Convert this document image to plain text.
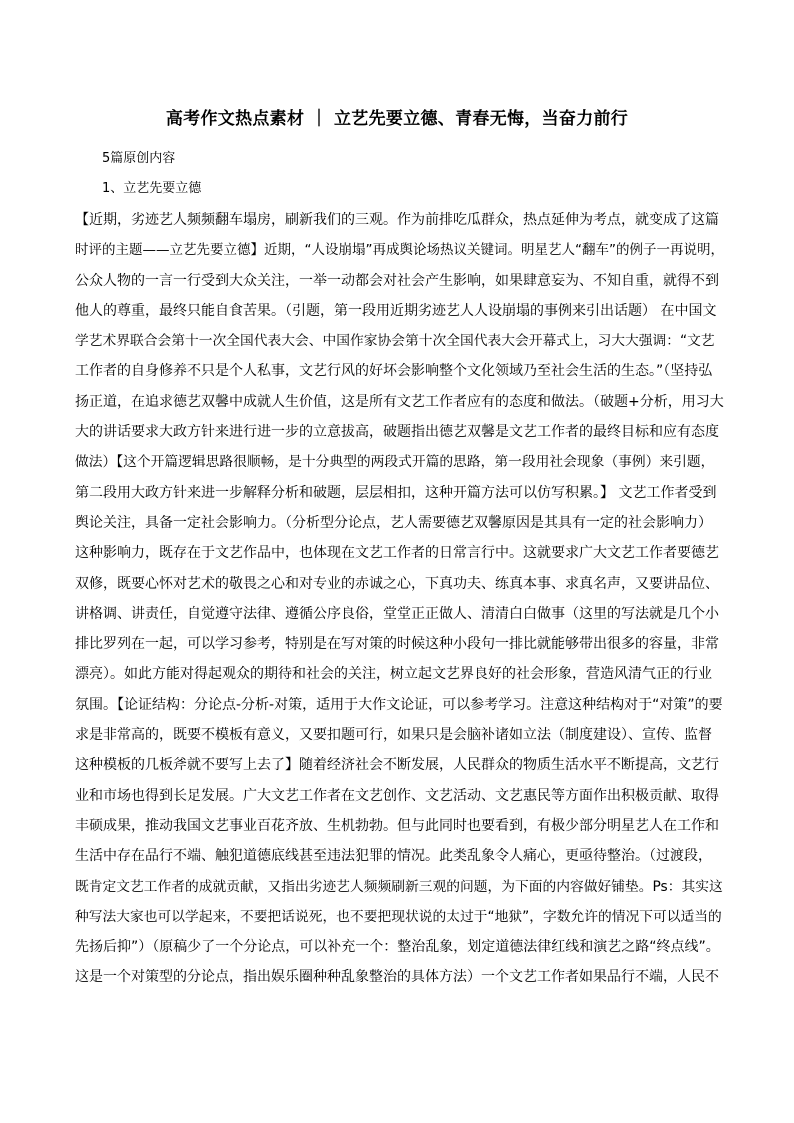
高考作文热点素材 ｜ 立艺先要立德、青春无悔，当奋力前行
5篇原创内容
1、立艺先要立德
【近期，劣迹艺人频频翻车塌房，刷新我们的三观。作为前排吃瓜群众，热点延伸为考点，就变成了这篇
时评的主题——立艺先要立德】近期，“人设崩塌”再成舆论场热议关键词。明星艺人“翻车”的例子一再说明，
公众人物的一言一行受到大众关注，一举一动都会对社会产生影响，如果肆意妄为、不知自重，就得不到
他人的尊重，最终只能自食苦果。（引题，第一段用近期劣迹艺人人设崩塌的事例来引出话题） 在中国文
学艺术界联合会第十一次全国代表大会、中国作家协会第十次全国代表大会开幕式上，习大大强调：“文艺
工作者的自身修养不只是个人私事，文艺行风的好坏会影响整个文化领域乃至社会生活的生态。”（坚持弘
扬正道，在追求德艺双馨中成就人生价值，这是所有文艺工作者应有的态度和做法。（破题+分析，用习大
大的讲话要求大政方针来进行进一步的立意拔高，破题指出德艺双馨是文艺工作者的最终目标和应有态度
做法）【这个开篇逻辑思路很顺畅，是十分典型的两段式开篇的思路，第一段用社会现象（事例）来引题，
第二段用大政方针来进一步解释分析和破题，层层相扣，这种开篇方法可以仿写积累。】 文艺工作者受到
舆论关注，具备一定社会影响力。（分析型分论点，艺人需要德艺双馨原因是其具有一定的社会影响力）
这种影响力，既存在于文艺作品中，也体现在文艺工作者的日常言行中。这就要求广大文艺工作者要德艺
双修，既要心怀对艺术的敬畏之心和对专业的赤诚之心，下真功夫、练真本事、求真名声，又要讲品位、
讲格调、讲责任，自觉遵守法律、遵循公序良俗，堂堂正正做人、清清白白做事（这里的写法就是几个小
排比罗列在一起，可以学习参考，特别是在写对策的时候这种小段句一排比就能够带出很多的容量，非常
漂亮）。如此方能对得起观众的期待和社会的关注，树立起文艺界良好的社会形象，营造风清气正的行业
氛围。【论证结构：分论点-分析-对策，适用于大作文论证，可以参考学习。注意这种结构对于“对策”的要
求是非常高的，既要不模板有意义，又要扣题可行，如果只是会脑补诸如立法（制度建设）、宣传、监督
这种模板的几板斧就不要写上去了】随着经济社会不断发展，人民群众的物质生活水平不断提高，文艺行
业和市场也得到长足发展。广大文艺工作者在文艺创作、文艺活动、文艺惠民等方面作出积极贡献、取得
丰硕成果，推动我国文艺事业百花齐放、生机勃勃。但与此同时也要看到，有极少部分明星艺人在工作和
生活中存在品行不端、触犯道德底线甚至违法犯罪的情况。此类乱象令人痛心，更亟待整治。（过渡段，
既肯定文艺工作者的成就贡献，又指出劣迹艺人频频刷新三观的问题，为下面的内容做好铺垫。Ps：其实这
种写法大家也可以学起来，不要把话说死，也不要把现状说的太过于“地狱”，字数允许的情况下可以适当的
先扬后抑”）（原稿少了一个分论点，可以补充一个：整治乱象，划定道德法律红线和演艺之路“终点线”。
这是一个对策型的分论点，指出娱乐圈种种乱象整治的具体方法）一个文艺工作者如果品行不端，人民不
